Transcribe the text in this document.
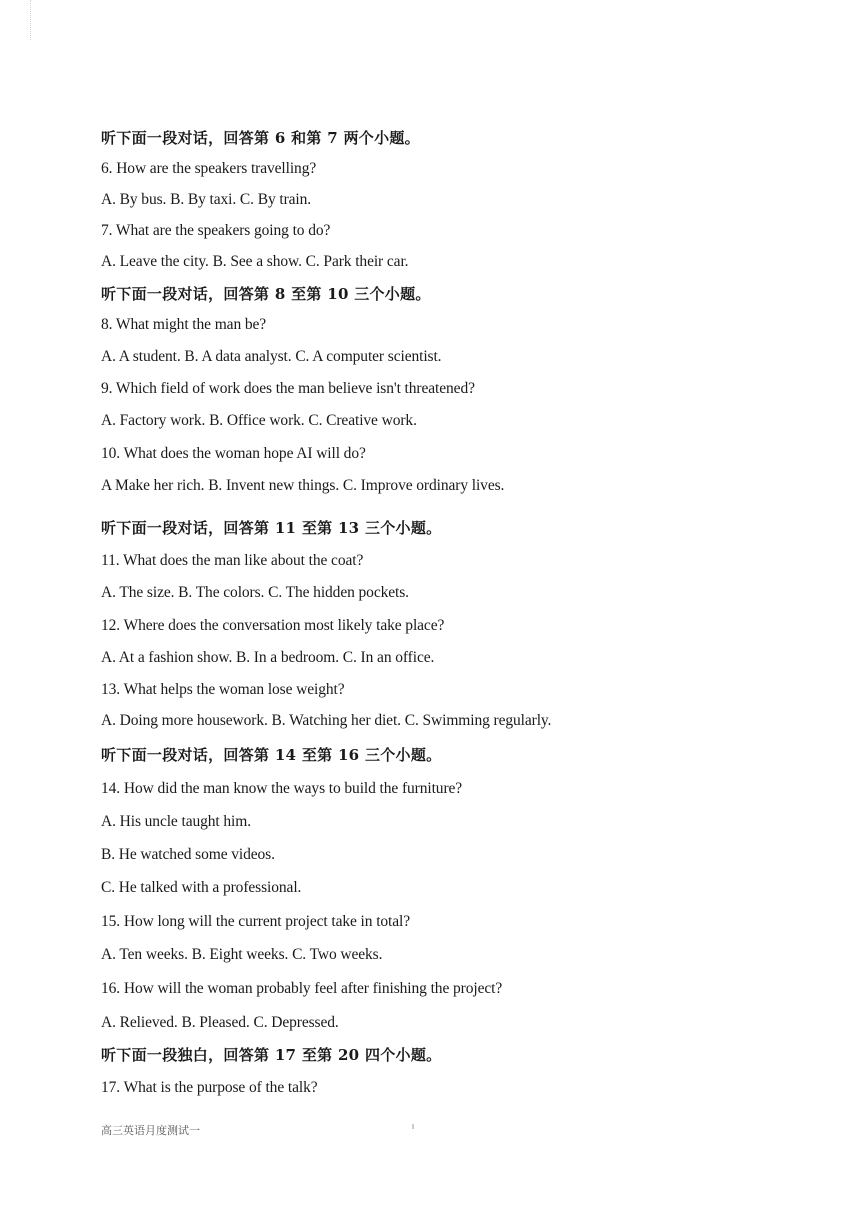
听下面一段对话，回答第 6 和第 7 两个小题。
6. How are the speakers travelling?
A. By bus. B. By taxi. C. By train.
7. What are the speakers going to do?
A. Leave the city. B. See a show. C. Park their car.
听下面一段对话，回答第 8 至第 10 三个小题。
8. What might the man be?
A. A student. B. A data analyst. C. A computer scientist.
9. Which field of work does the man believe isn't threatened?
A. Factory work. B. Office work. C. Creative work.
10. What does the woman hope AI will do?
A Make her rich. B. Invent new things. C. Improve ordinary lives.
听下面一段对话，回答第 11 至第 13 三个小题。
11. What does the man like about the coat?
A. The size. B. The colors. C. The hidden pockets.
12. Where does the conversation most likely take place?
A. At a fashion show. B. In a bedroom. C. In an office.
13. What helps the woman lose weight?
A. Doing more housework. B. Watching her diet. C. Swimming regularly.
听下面一段对话，回答第 14 至第 16 三个小题。
14. How did the man know the ways to build the furniture?
A. His uncle taught him.
B. He watched some videos.
C. He talked with a professional.
15. How long will the current project take in total?
A. Ten weeks. B. Eight weeks. C. Two weeks.
16. How will the woman probably feel after finishing the project?
A. Relieved. B. Pleased. C. Depressed.
听下面一段独白，回答第 17 至第 20 四个小题。
17. What is the purpose of the talk?
高三英语月度测试一
